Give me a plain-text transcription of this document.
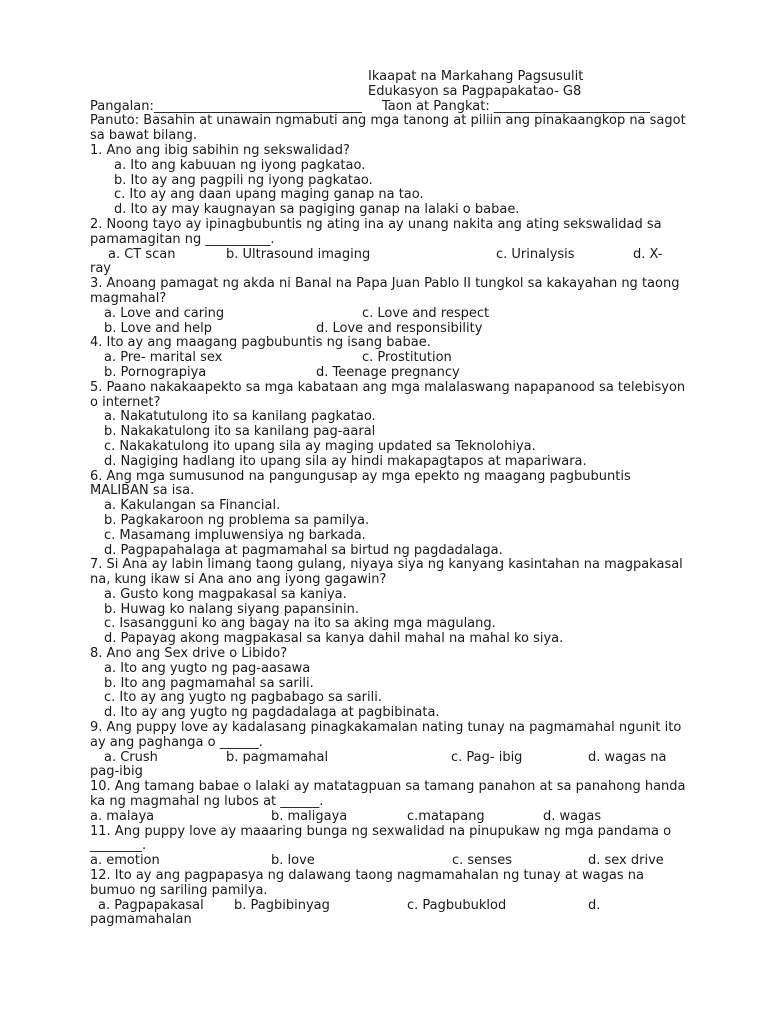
Ikaapat na Markahang Pagsusulit
Edukasyon sa Pagpapakatao- G8
Pangalan:________________________________ Taon at Pangkat: ________________________
Panuto: Basahin at unawain ngmabuti ang mga tanong at piliin ang pinakaangkop na sagot sa bawat bilang.
1. Ano ang ibig sabihin ng sekswalidad?
a. Ito ang kabuuan ng iyong pagkatao.
b. Ito ay ang pagpili ng iyong pagkatao.
c. Ito ay ang daan upang maging ganap na tao.
d. Ito ay may kaugnayan sa pagiging ganap na lalaki o babae.
2. Noong tayo ay ipinagbubuntis ng ating ina ay unang nakita ang ating sekswalidad sa pamamagitan ng __________.
a. CT scan	b. Ultrasound imaging	c. Urinalysis	d. X-
ray
3. Anoang pamagat ng akda ni Banal na Papa Juan Pablo II tungkol sa kakayahan ng taong magmahal?
a. Love and caring	c. Love and respect
b. Love and help	d. Love and responsibility
4. Ito ay ang maagang pagbubuntis ng isang babae.
a. Pre- marital sex	c. Prostitution
b. Pornograpiya	d. Teenage pregnancy
5. Paano nakakaapekto sa mga kabataan ang mga malalaswang napapanood sa telebisyon o internet?
a. Nakatutulong ito sa kanilang pagkatao.
b. Nakakatulong ito sa kanilang pag-aaral
c. Nakakatulong ito upang sila ay maging updated sa Teknolohiya.
d. Nagiging hadlang ito upang sila ay hindi makapagtapos at mapariwara.
6. Ang mga sumusunod na pangungusap ay mga epekto ng maagang pagbubuntis MALIBAN sa isa.
a. Kakulangan sa Financial.
b. Pagkakaroon ng problema sa pamilya.
c. Masamang impluwensiya ng barkada.
d. Pagpapahalaga at pagmamahal sa birtud ng pagdadalaga.
7. Si Ana ay labin limang taong gulang, niyaya siya ng kanyang kasintahan na magpakasal na, kung ikaw si Ana ano ang iyong gagawin?
a. Gusto kong magpakasal sa kaniya.
b. Huwag ko nalang siyang papansinin.
c. Isasangguni ko ang bagay na ito sa aking mga magulang.
d. Papayag akong magpakasal sa kanya dahil mahal na mahal ko siya.
8. Ano ang Sex drive o Libido?
a. Ito ang yugto ng pag-aasawa
b. Ito ang pagmamahal sa sarili.
c. Ito ay ang yugto ng pagbabago sa sarili.
d. Ito ay ang yugto ng pagdadalaga at pagbibinata.
9. Ang puppy love ay kadalasang pinagkakamalan nating tunay na pagmamahal ngunit ito ay ang paghanga o ______.
a. Crush	b. pagmamahal	c. Pag- ibig	d. wagas na
pag-ibig
10. Ang tamang babae o lalaki ay matatagpuan sa tamang panahon at sa panahong handa ka ng magmahal ng lubos at ______.
a. malaya	b. maligaya	c.matapang	d. wagas
11. Ang puppy love ay maaaring bunga ng sexwalidad na pinupukaw ng mga pandama o ________.
a. emotion	b. love	c. senses	d. sex drive
12. Ito ay ang pagpapasya ng dalawang taong nagmamahalan ng tunay at wagas na bumuo ng sariling pamilya.
a. Pagpapakasal b. Pagbibinyag	c. Pagbubuklod	d.
pagmamahalan
